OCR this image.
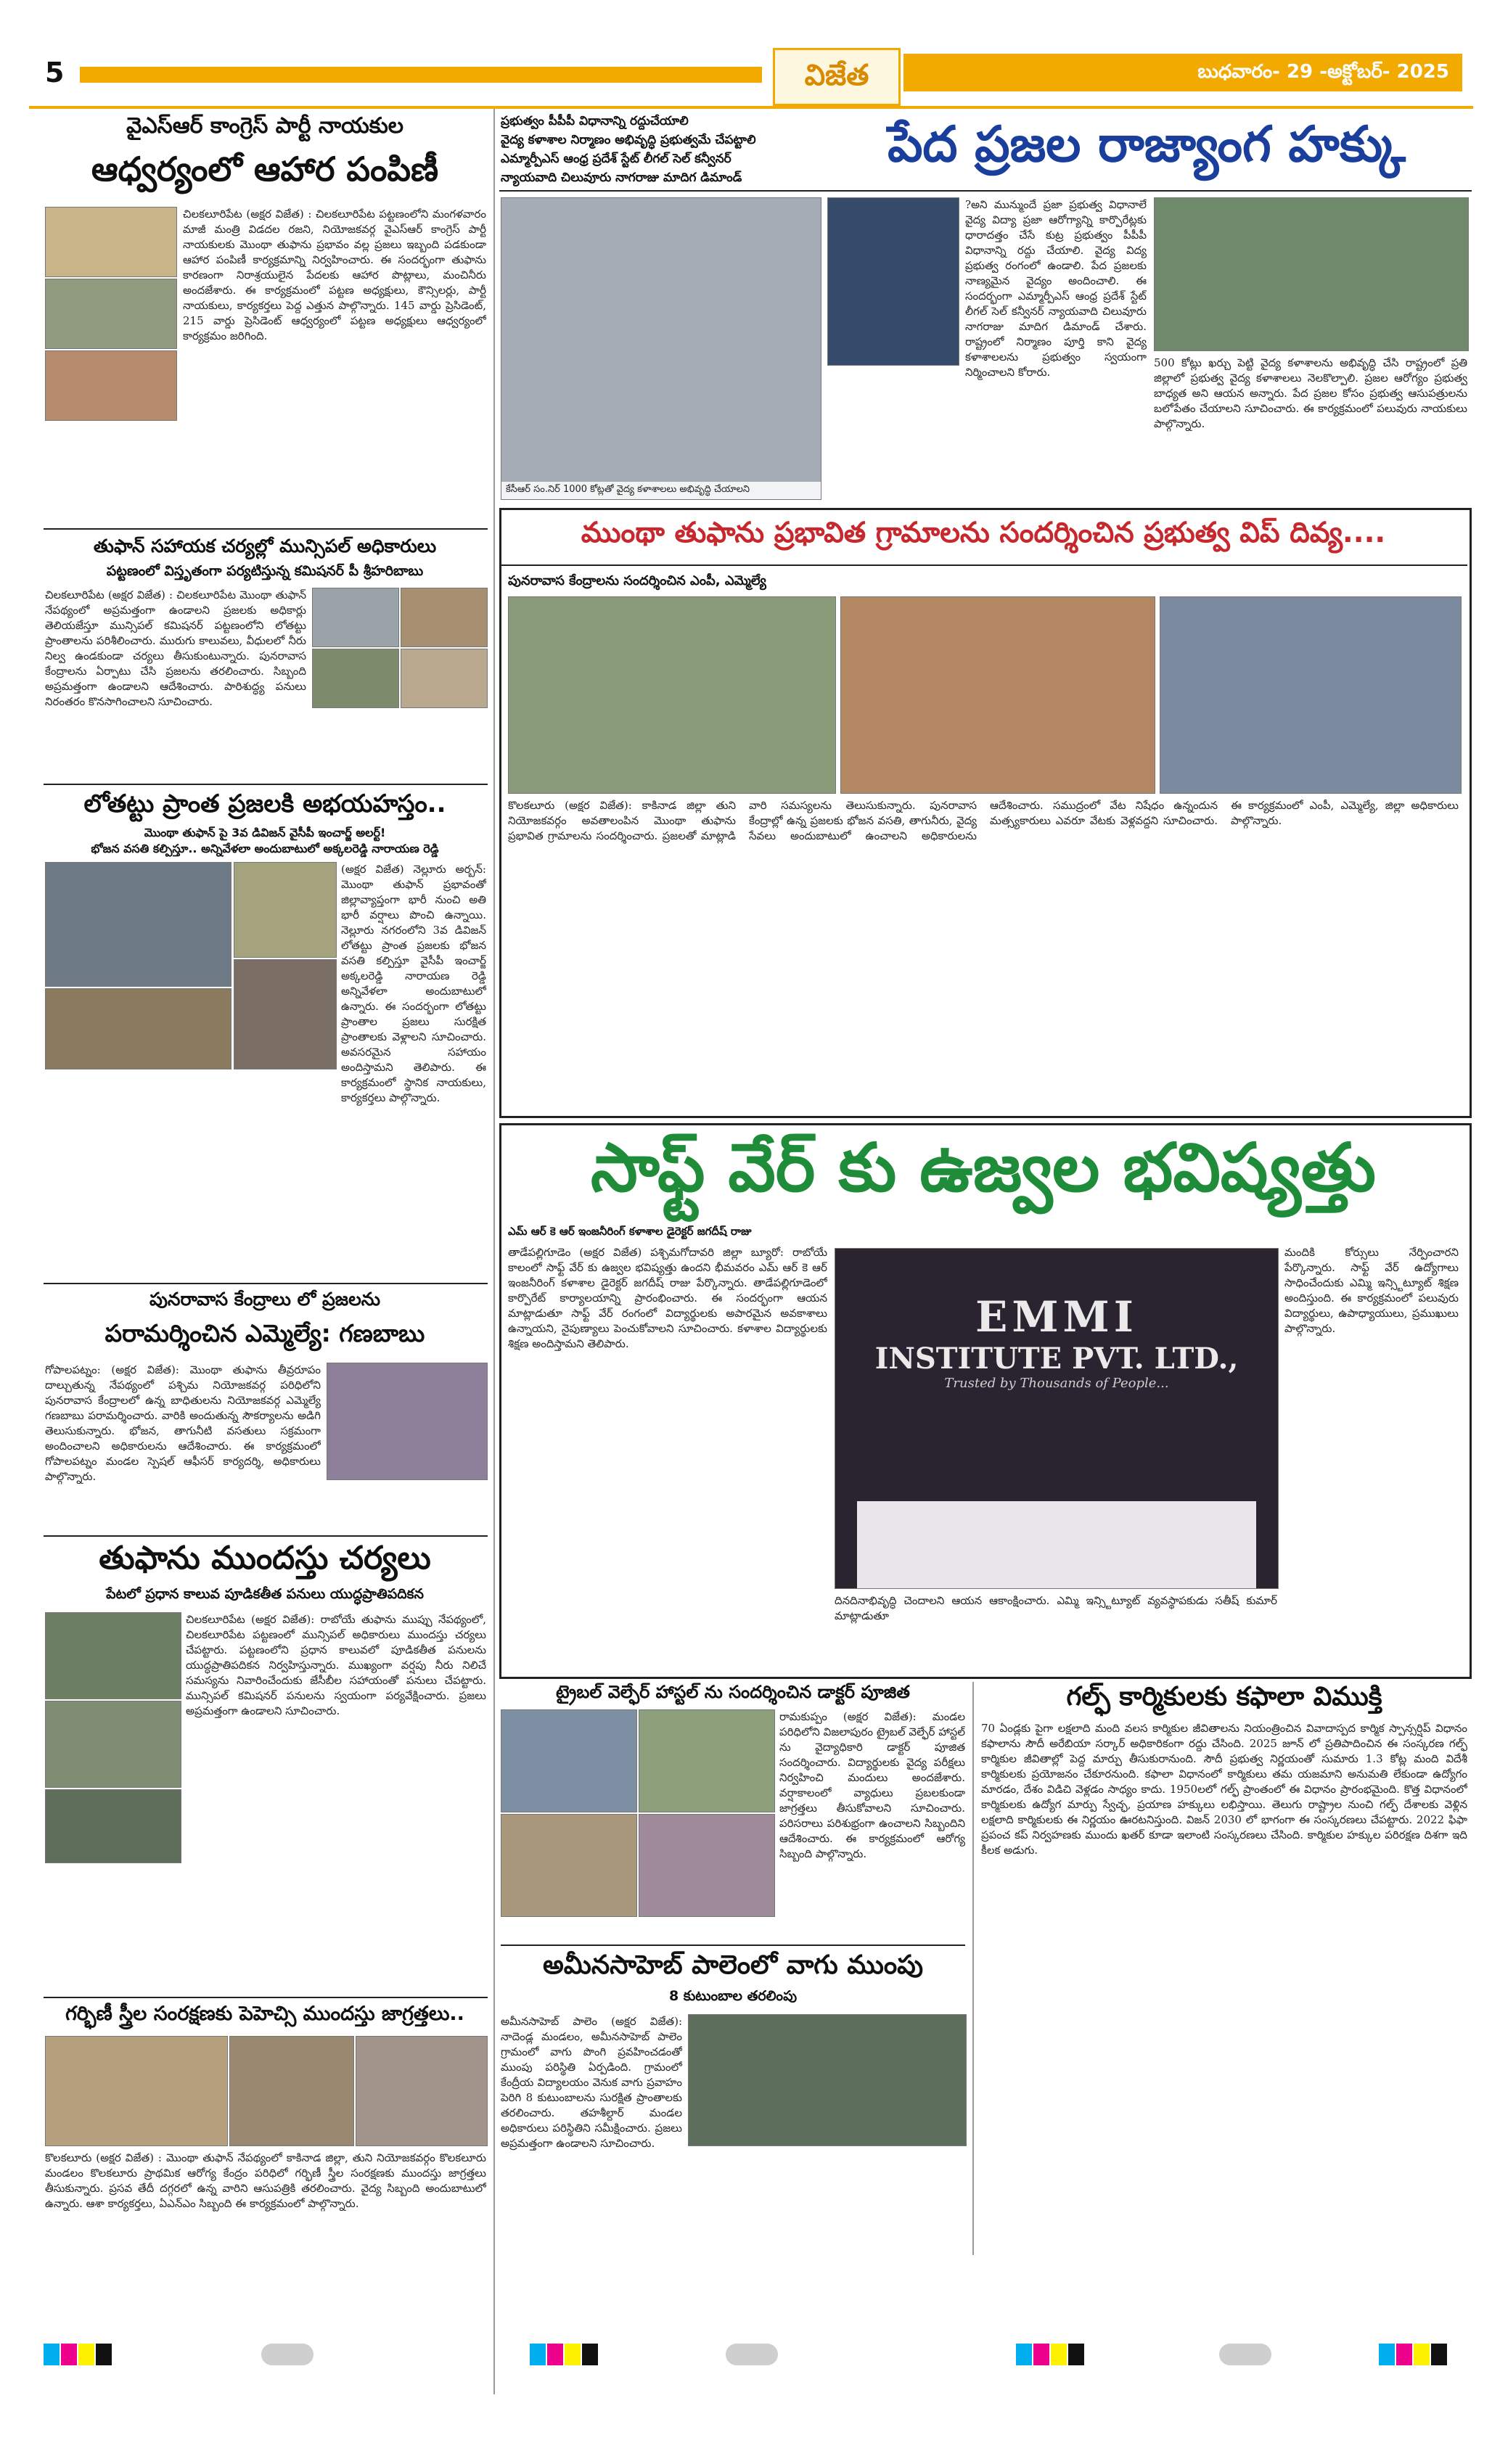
5	విజేత	బుధవారం- 29 -అక్టోబర్- 2025
వైఎస్ఆర్ కాంగ్రెస్ పార్టీ నాయకుల
ఆధ్వర్యంలో ఆహార పంపిణీ
చిలకలూరిపేట (అక్షర విజేత) : చిలకలూరిపేట పట్టణంలోని మంగళవారం మాజీ మంత్రి విడదల రజని, నియోజకవర్గ వైఎస్ఆర్ కాంగ్రెస్ పార్టీ నాయకులకు మొంథా తుఫాను ప్రభావం వల్ల ప్రజలు ఇబ్బంది పడకుండా ఆహార పంపిణీ కార్యక్రమాన్ని నిర్వహించారు. ఈ సందర్భంగా తుఫాను కారణంగా నిరాశ్రయులైన పేదలకు ఆహార పొట్లాలు, మంచినీరు అందజేశారు. ఈ కార్యక్రమంలో పట్టణ అధ్యక్షులు, కౌన్సిలర్లు, పార్టీ నాయకులు, కార్యకర్తలు పెద్ద ఎత్తున పాల్గొన్నారు. 145 వార్డు ప్రెసిడెంట్, 215 వార్డు ప్రెసిడెంట్ ఆధ్వర్యంలో పట్టణ అధ్యక్షులు ఆధ్వర్యంలో కార్యక్రమం జరిగింది.
తుఫాన్ సహాయక చర్యల్లో మున్సిపల్ అధికారులు
పట్టణంలో విస్తృతంగా పర్యటిస్తున్న కమిషనర్ పీ శ్రీహరిబాబు
చిలకలూరిపేట (అక్షర విజేత) : చిలకలూరిపేట మొంథా తుఫాన్ నేపథ్యంలో అప్రమత్తంగా ఉండాలని ప్రజలకు అధికార్లు తెలియజేస్తూ మున్సిపల్ కమిషనర్ పట్టణంలోని లోతట్టు ప్రాంతాలను పరిశీలించారు. మురుగు కాలువలు, వీధులలో నీరు నిల్వ ఉండకుండా చర్యలు తీసుకుంటున్నారు. పునరావాస కేంద్రాలను ఏర్పాటు చేసి ప్రజలను తరలించారు. సిబ్బంది అప్రమత్తంగా ఉండాలని ఆదేశించారు. పారిశుద్ధ్య పనులు నిరంతరం కొనసాగించాలని సూచించారు.
లోతట్టు ప్రాంత ప్రజలకి అభయహస్తం..
మొంథా తుఫాన్ పై 3వ డివిజన్ వైసీపీ ఇంచార్జ్ అలర్ట్!
భోజన వసతి కల్పిస్తూ.. అన్నివేళలా అందుబాటులో అక్కలరెడ్డి నారాయణ రెడ్డి
(అక్షర విజేత) నెల్లూరు అర్బన్: మొంథా తుఫాన్ ప్రభావంతో జిల్లావ్యాప్తంగా భారీ నుంచి అతి భారీ వర్షాలు పొంచి ఉన్నాయి. నెల్లూరు నగరంలోని 3వ డివిజన్ లోతట్టు ప్రాంత ప్రజలకు భోజన వసతి కల్పిస్తూ వైసీపీ ఇంచార్జ్ అక్కలరెడ్డి నారాయణ రెడ్డి అన్నివేళలా అందుబాటులో ఉన్నారు. ఈ సందర్భంగా లోతట్టు ప్రాంతాల ప్రజలు సురక్షిత ప్రాంతాలకు వెళ్లాలని సూచించారు. అవసరమైన సహాయం అందిస్తామని తెలిపారు. ఈ కార్యక్రమంలో స్థానిక నాయకులు, కార్యకర్తలు పాల్గొన్నారు.
పునరావాస కేంద్రాలు లో ప్రజలను
పరామర్శించిన ఎమ్మెల్యే: గణబాబు
గోపాలపట్నం: (అక్షర విజేత): మొంథా తుఫాను తీవ్రరూపం దాల్చుతున్న నేపథ్యంలో పశ్చిమ నియోజకవర్గ పరిధిలోని పునరావాస కేంద్రాలలో ఉన్న బాధితులను నియోజకవర్గ ఎమ్మెల్యే గణబాబు పరామర్శించారు. వారికి అందుతున్న సౌకర్యాలను అడిగి తెలుసుకున్నారు. భోజన, తాగునీటి వసతులు సక్రమంగా అందించాలని అధికారులను ఆదేశించారు. ఈ కార్యక్రమంలో గోపాలపట్నం మండల స్పెషల్ ఆఫీసర్ కార్యదర్శి, అధికారులు పాల్గొన్నారు.
తుఫాను ముందస్తు చర్యలు
పేటలో ప్రధాన కాలువ పూడికతీత పనులు యుద్ధప్రాతిపదికన
చిలకలూరిపేట (అక్షర విజేత): రాబోయే తుఫాను ముప్పు నేపథ్యంలో, చిలకలూరిపేట పట్టణంలో మున్సిపల్ అధికారులు ముందస్తు చర్యలు చేపట్టారు. పట్టణంలోని ప్రధాన కాలువలో పూడికతీత పనులను యుద్ధప్రాతిపదికన నిర్వహిస్తున్నారు. ముఖ్యంగా వర్షపు నీరు నిలిచే సమస్యను నివారించేందుకు జేసీబీల సహాయంతో పనులు చేపట్టారు. మున్సిపల్ కమిషనర్ పనులను స్వయంగా పర్యవేక్షించారు. ప్రజలు అప్రమత్తంగా ఉండాలని సూచించారు.
గర్భిణీ స్త్రీల సంరక్షణకు పెహెచ్సి ముందస్తు జాగ్రత్తలు..
కొలకలూరు (అక్షర విజేత) : మొంథా తుఫాన్ నేపథ్యంలో కాకినాడ జిల్లా, తుని నియోజకవర్గం కొలకలూరు మండలం కొలకలూరు ప్రాథమిక ఆరోగ్య కేంద్రం పరిధిలో గర్భిణీ స్త్రీల సంరక్షణకు ముందస్తు జాగ్రత్తలు తీసుకున్నారు. ప్రసవ తేదీ దగ్గరలో ఉన్న వారిని ఆసుపత్రికి తరలించారు. వైద్య సిబ్బంది అందుబాటులో ఉన్నారు. ఆశా కార్యకర్తలు, ఏఎన్ఎం సిబ్బంది ఈ కార్యక్రమంలో పాల్గొన్నారు.
ప్రభుత్వం పీపీపీ విధానాన్ని రద్దుచేయాలి
వైద్య కళాశాల నిర్మాణం అభివృద్ధి ప్రభుత్వమే చేపట్టాలి
ఎమ్మార్పీఎస్ ఆంధ్ర ప్రదేశ్ స్టేట్ లీగల్ సెల్ కన్వీనర్
న్యాయవాది చిలువూరు నాగరాజు మాదిగ డిమాండ్
పేద ప్రజల రాజ్యాంగ హక్కు
కేసీఆర్ సం.నిర్ 1000 కోట్లతో వైద్య కళాశాలలు అభివృద్ధి చేయాలని
?అని మున్ముందే ప్రజా ప్రభుత్వ విధానాలే వైద్య విద్యా ప్రజా ఆరోగ్యాన్ని కార్పొరేట్లకు ధారాదత్తం చేసే కుట్ర ప్రభుత్వం పీపీపీ విధానాన్ని రద్దు చేయాలి. వైద్య విద్య ప్రభుత్వ రంగంలో ఉండాలి. పేద ప్రజలకు నాణ్యమైన వైద్యం అందించాలి. ఈ సందర్భంగా ఎమ్మార్పీఎస్ ఆంధ్ర ప్రదేశ్ స్టేట్ లీగల్ సెల్ కన్వీనర్ న్యాయవాది చిలువూరు నాగరాజు మాదిగ డిమాండ్ చేశారు. రాష్ట్రంలో నిర్మాణం పూర్తి కాని వైద్య కళాశాలలను ప్రభుత్వం స్వయంగా నిర్మించాలని కోరారు.
500 కోట్లు ఖర్చు పెట్టి వైద్య కళాశాలను అభివృద్ధి చేసి రాష్ట్రంలో ప్రతి జిల్లాలో ప్రభుత్వ వైద్య కళాశాలలు నెలకొల్పాలి. ప్రజల ఆరోగ్యం ప్రభుత్వ బాధ్యత అని ఆయన అన్నారు. పేద ప్రజల కోసం ప్రభుత్వ ఆసుపత్రులను బలోపేతం చేయాలని సూచించారు. ఈ కార్యక్రమంలో పలువురు నాయకులు పాల్గొన్నారు.
ముంథా తుఫాను ప్రభావిత గ్రామాలను సందర్శించిన ప్రభుత్వ విప్ దివ్య....
పునరావాస కేంద్రాలను సందర్శించిన ఎంపీ, ఎమ్మెల్యే
కొలకలూరు (అక్షర విజేత): కాకినాడ జిల్లా తుని నియోజకవర్గం అవతాలంపిన మొంథా తుఫాను ప్రభావిత గ్రామాలను సందర్శించారు. ప్రజలతో మాట్లాడి వారి సమస్యలను తెలుసుకున్నారు. పునరావాస కేంద్రాల్లో ఉన్న ప్రజలకు భోజన వసతి, తాగునీరు, వైద్య సేవలు అందుబాటులో ఉంచాలని అధికారులను ఆదేశించారు. సముద్రంలో వేట నిషేధం ఉన్నందున మత్స్యకారులు ఎవరూ వేటకు వెళ్లవద్దని సూచించారు. ఈ కార్యక్రమంలో ఎంపీ, ఎమ్మెల్యే, జిల్లా అధికారులు పాల్గొన్నారు.
సాఫ్ట్ వేర్ కు ఉజ్వల భవిష్యత్తు
ఎమ్ ఆర్ కె ఆర్ ఇంజనీరింగ్ కళాశాల డైరెక్టర్ జగదీష్ రాజు
తాడేపల్లిగూడెం (అక్షర విజేత) పశ్చిమగోదావరి జిల్లా బ్యూరో: రాబోయే కాలంలో సాఫ్ట్ వేర్ కు ఉజ్వల భవిష్యత్తు ఉందని భీమవరం ఎమ్ ఆర్ కె ఆర్ ఇంజనీరింగ్ కళాశాల డైరెక్టర్ జగదీష్ రాజు పేర్కొన్నారు. తాడేపల్లిగూడెంలో కార్పొరేట్ కార్యాలయాన్ని ప్రారంభించారు. ఈ సందర్భంగా ఆయన మాట్లాడుతూ సాఫ్ట్ వేర్ రంగంలో విద్యార్థులకు అపారమైన అవకాశాలు ఉన్నాయని, నైపుణ్యాలు పెంచుకోవాలని సూచించారు. కళాశాల విద్యార్థులకు శిక్షణ అందిస్తామని తెలిపారు.
EMMI
INSTITUTE PVT. LTD.,
Trusted by Thousands of People...
దినదినాభివృద్ధి చెందాలని ఆయన ఆకాంక్షించారు. ఎమ్మి ఇన్స్టిట్యూట్ వ్యవస్థాపకుడు సతీష్ కుమార్ మాట్లాడుతూ
మందికి కోర్సులు నేర్పించారని పేర్కొన్నారు. సాఫ్ట్ వేర్ ఉద్యోగాలు సాధించేందుకు ఎమ్మి ఇన్స్టిట్యూట్ శిక్షణ అందిస్తుంది. ఈ కార్యక్రమంలో పలువురు విద్యార్థులు, ఉపాధ్యాయులు, ప్రముఖులు పాల్గొన్నారు.
ట్రైబల్ వెల్ఫేర్ హాస్టల్ ను సందర్శించిన డాక్టర్ పూజిత
రామకుప్పం (అక్షర విజేత): మండల పరిధిలోని విజలాపురం ట్రైబల్ వెల్ఫేర్ హాస్టల్ ను వైద్యాధికారి డాక్టర్ పూజిత సందర్శించారు. విద్యార్థులకు వైద్య పరీక్షలు నిర్వహించి మందులు అందజేశారు. వర్షాకాలంలో వ్యాధులు ప్రబలకుండా జాగ్రత్తలు తీసుకోవాలని సూచించారు. పరిసరాలు పరిశుభ్రంగా ఉంచాలని సిబ్బందిని ఆదేశించారు. ఈ కార్యక్రమంలో ఆరోగ్య సిబ్బంది పాల్గొన్నారు.
అమీనసాహెబ్ పాలెంలో వాగు ముంపు
8 కుటుంబాల తరలింపు
అమీనసాహెబ్ పాలెం (అక్షర విజేత): నాదెండ్ల మండలం, అమీనసాహెబ్ పాలెం గ్రామంలో వాగు పొంగి ప్రవహించడంతో ముంపు పరిస్థితి ఏర్పడింది. గ్రామంలో కేంద్రీయ విద్యాలయం వెనుక వాగు ప్రవాహం పెరిగి 8 కుటుంబాలను సురక్షిత ప్రాంతాలకు తరలించారు. తహశీల్దార్ మండల అధికారులు పరిస్థితిని సమీక్షించారు. ప్రజలు అప్రమత్తంగా ఉండాలని సూచించారు.
గల్ఫ్ కార్మికులకు కఫాలా విముక్తి
70 ఏండ్లకు పైగా లక్షలాది మంది వలస కార్మికుల జీవితాలను నియంత్రించిన వివాదాస్పద కార్మిక స్పాన్సర్షిప్ విధానం కఫాలాను సౌదీ అరేబియా సర్కార్ అధికారికంగా రద్దు చేసింది. 2025 జూన్ లో ప్రతిపాదించిన ఈ సంస్కరణ గల్ఫ్ కార్మికుల జీవితాల్లో పెద్ద మార్పు తీసుకురానుంది. సౌదీ ప్రభుత్వ నిర్ణయంతో సుమారు 1.3 కోట్ల మంది విదేశీ కార్మికులకు ప్రయోజనం చేకూరనుంది. కఫాలా విధానంలో కార్మికులు తమ యజమాని అనుమతి లేకుండా ఉద్యోగం మారడం, దేశం విడిచి వెళ్లడం సాధ్యం కాదు. 1950లలో గల్ఫ్ ప్రాంతంలో ఈ విధానం ప్రారంభమైంది. కొత్త విధానంలో కార్మికులకు ఉద్యోగ మార్పు స్వేచ్ఛ, ప్రయాణ హక్కులు లభిస్తాయి. తెలుగు రాష్ట్రాల నుంచి గల్ఫ్ దేశాలకు వెళ్లిన లక్షలాది కార్మికులకు ఈ నిర్ణయం ఊరటనిస్తుంది. విజన్ 2030 లో భాగంగా ఈ సంస్కరణలు చేపట్టారు. 2022 ఫిఫా ప్రపంచ కప్ నిర్వహణకు ముందు ఖతర్ కూడా ఇలాంటి సంస్కరణలు చేసింది. కార్మికుల హక్కుల పరిరక్షణ దిశగా ఇది కీలక అడుగు.
